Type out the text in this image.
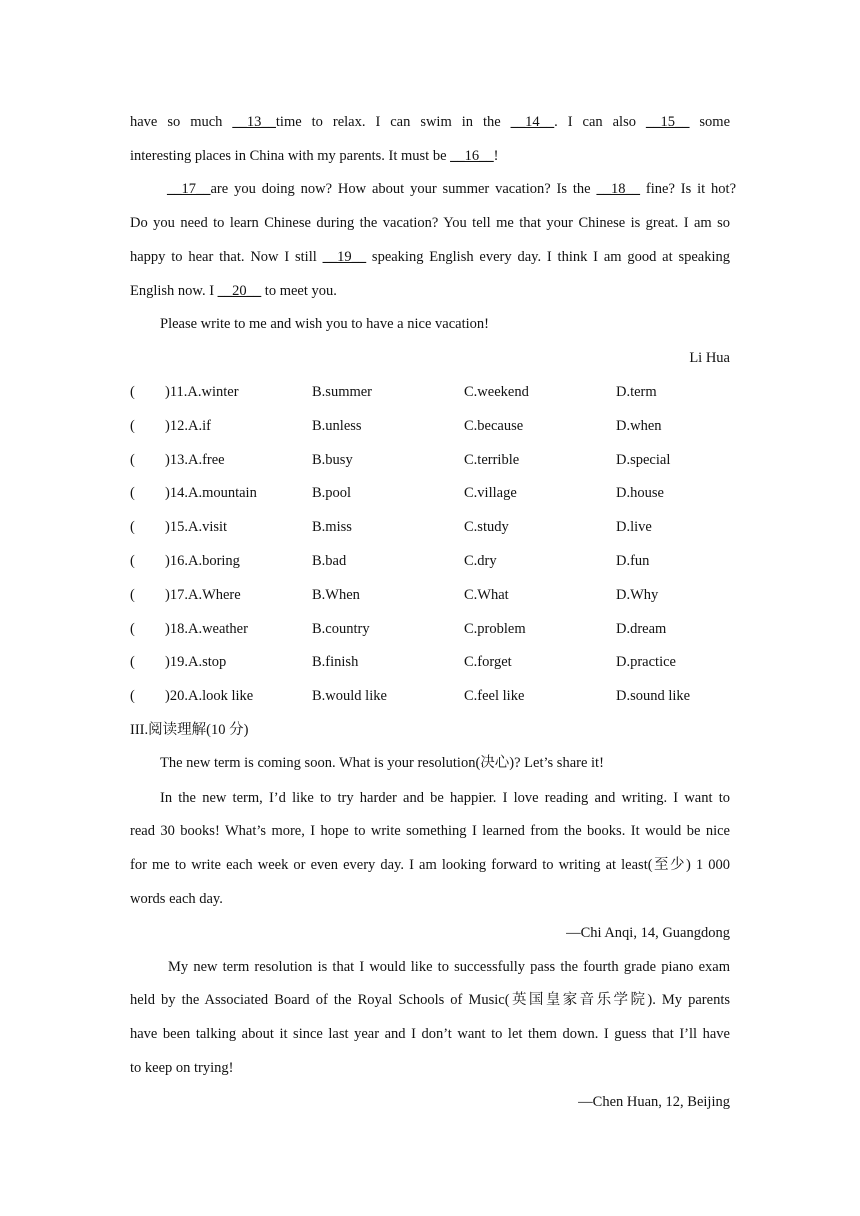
have so much __13__time to relax. I can swim in the __14__. I can also __15__ some
interesting places in China with my parents. It must be __16__!
__17__are you doing now? How about your summer vacation? Is the __18__ fine? Is it hot?
Do you need to learn Chinese during the vacation? You tell me that your Chinese is great. I am so
happy to hear that. Now I still __19__ speaking English every day. I think I am good at speaking
English now. I __20__ to meet you.
Please write to me and wish you to have a nice vacation!
Li Hua
( )11.A.winter	B.summer	C.weekend	D.term
( )12.A.if	B.unless	C.because	D.when
( )13.A.free	B.busy	C.terrible	D.special
( )14.A.mountain	B.pool	C.village	D.house
( )15.A.visit	B.miss	C.study	D.live
( )16.A.boring	B.bad	C.dry	D.fun
( )17.A.Where	B.When	C.What	D.Why
( )18.A.weather	B.country	C.problem	D.dream
( )19.A.stop	B.finish	C.forget	D.practice
( )20.A.look like	B.would like	C.feel like	D.sound like
III.阅读理解(10 分)
The new term is coming soon. What is your resolution(决心)? Let’s share it!
In the new term, I’d like to try harder and be happier. I love reading and writing. I want to
read 30 books! What’s more, I hope to write something I learned from the books. It would be nice
for me to write each week or even every day. I am looking forward to writing at least(至少) 1 000
words each day.
—Chi Anqi, 14, Guangdong
My new term resolution is that I would like to successfully pass the fourth grade piano exam
held by the Associated Board of the Royal Schools of Music(英国皇家音乐学院). My parents
have been talking about it since last year and I don’t want to let them down. I guess that I’ll have
to keep on trying!
—Chen Huan, 12, Beijing
